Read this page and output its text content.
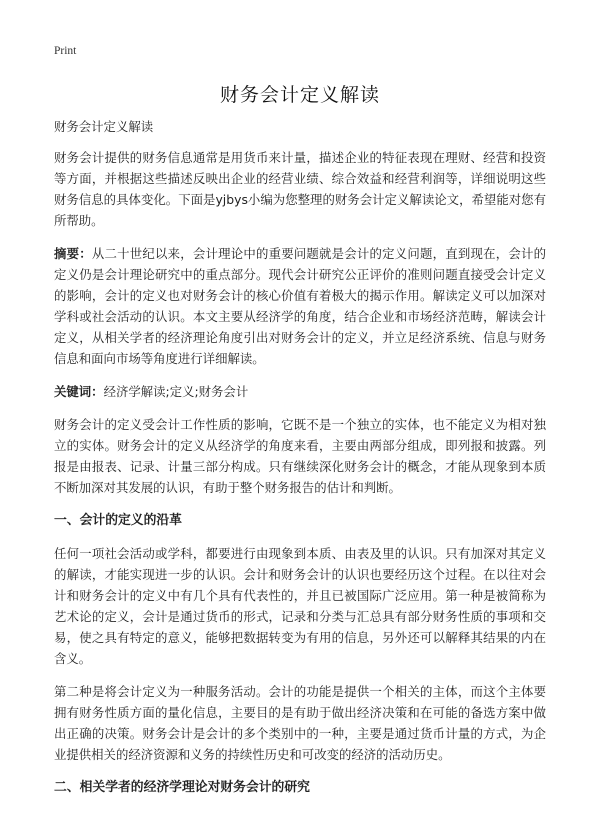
Print
财务会计定义解读

财务会计定义解读

财务会计提供的财务信息通常是用货币来计量，描述企业的特征表现在理财、经营和投资等方面，并根据这些描述反映出企业的经营业绩、综合效益和经营利润等，详细说明这些财务信息的具体变化。下面是yjbys小编为您整理的财务会计定义解读论文，希望能对您有所帮助。

摘要：从二十世纪以来，会计理论中的重要问题就是会计的定义问题，直到现在，会计的定义仍是会计理论研究中的重点部分。现代会计研究公正评价的准则问题直接受会计定义的影响，会计的定义也对财务会计的核心价值有着极大的揭示作用。解读定义可以加深对学科或社会活动的认识。本文主要从经济学的角度，结合企业和市场经济范畴，解读会计定义，从相关学者的经济理论角度引出对财务会计的定义，并立足经济系统、信息与财务信息和面向市场等角度进行详细解读。

关键词：经济学解读;定义;财务会计

财务会计的定义受会计工作性质的影响，它既不是一个独立的实体，也不能定义为相对独立的实体。财务会计的定义从经济学的角度来看，主要由两部分组成，即列报和披露。列报是由报表、记录、计量三部分构成。只有继续深化财务会计的概念，才能从现象到本质不断加深对其发展的认识，有助于整个财务报告的估计和判断。

一、会计的定义的沿革

任何一项社会活动或学科，都要进行由现象到本质、由表及里的认识。只有加深对其定义的解读，才能实现进一步的认识。会计和财务会计的认识也要经历这个过程。在以往对会计和财务会计的定义中有几个具有代表性的，并且已被国际广泛应用。第一种是被简称为艺术论的定义，会计是通过货币的形式，记录和分类与汇总具有部分财务性质的事项和交易，使之具有特定的意义，能够把数据转变为有用的信息，另外还可以解释其结果的内在含义。

第二种是将会计定义为一种服务活动。会计的功能是提供一个相关的主体，而这个主体要拥有财务性质方面的量化信息，主要目的是有助于做出经济决策和在可能的备选方案中做出正确的决策。财务会计是会计的多个类别中的一种，主要是通过货币计量的方式，为企业提供相关的经济资源和义务的持续性历史和可改变的经济的活动历史。

二、相关学者的经济学理论对财务会计的研究
